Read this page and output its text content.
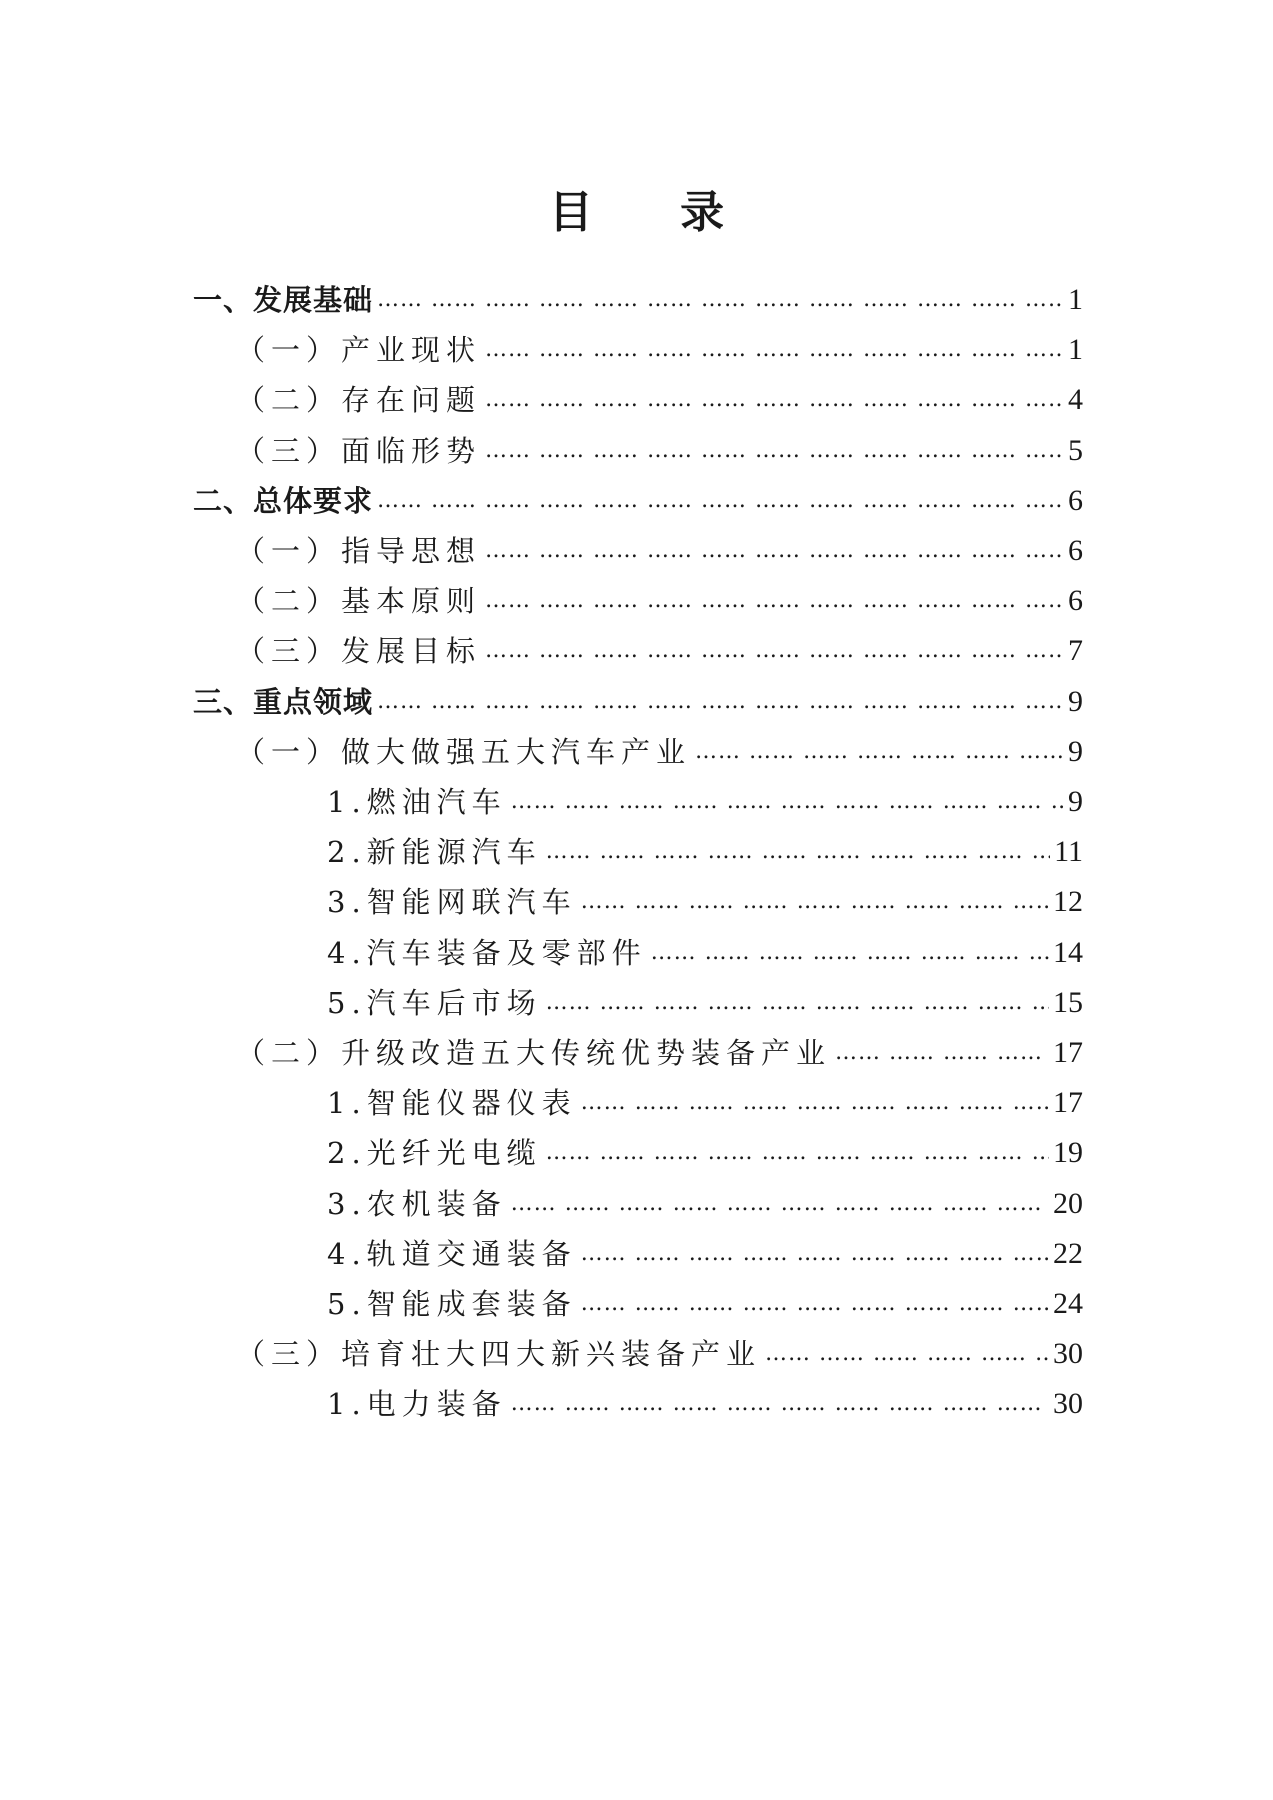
目 录
一、发展基础 …… …… …… …… …… …… …… …… …… …… …… …… …… …… …… …… …… …… …… …… …… …… …… …… …… …… …… …… …… …… …… ……	1
（一）产业现状 …… …… …… …… …… …… …… …… …… …… …… …… …… …… …… …… …… …… …… …… …… …… …… …… …… …… …… …… …… …… …… ……	1
（二）存在问题 …… …… …… …… …… …… …… …… …… …… …… …… …… …… …… …… …… …… …… …… …… …… …… …… …… …… …… …… …… …… …… ……	4
（三）面临形势 …… …… …… …… …… …… …… …… …… …… …… …… …… …… …… …… …… …… …… …… …… …… …… …… …… …… …… …… …… …… …… ……	5
二、总体要求 …… …… …… …… …… …… …… …… …… …… …… …… …… …… …… …… …… …… …… …… …… …… …… …… …… …… …… …… …… …… …… ……	6
（一）指导思想 …… …… …… …… …… …… …… …… …… …… …… …… …… …… …… …… …… …… …… …… …… …… …… …… …… …… …… …… …… …… …… ……	6
（二）基本原则 …… …… …… …… …… …… …… …… …… …… …… …… …… …… …… …… …… …… …… …… …… …… …… …… …… …… …… …… …… …… …… ……	6
（三）发展目标 …… …… …… …… …… …… …… …… …… …… …… …… …… …… …… …… …… …… …… …… …… …… …… …… …… …… …… …… …… …… …… ……	7
三、重点领域 …… …… …… …… …… …… …… …… …… …… …… …… …… …… …… …… …… …… …… …… …… …… …… …… …… …… …… …… …… …… …… ……	9
（一）做大做强五大汽车产业 …… …… …… …… …… …… …… …… …… …… …… …… …… …… …… …… …… …… …… …… …… …… …… …… …… …… …… …… …… …… …… ……	9
1.燃油汽车 …… …… …… …… …… …… …… …… …… …… …… …… …… …… …… …… …… …… …… …… …… …… …… …… …… …… …… …… …… …… …… ……	9
2.新能源汽车 …… …… …… …… …… …… …… …… …… …… …… …… …… …… …… …… …… …… …… …… …… …… …… …… …… …… …… …… …… …… …… ……	11
3.智能网联汽车 …… …… …… …… …… …… …… …… …… …… …… …… …… …… …… …… …… …… …… …… …… …… …… …… …… …… …… …… …… …… …… ……	12
4.汽车装备及零部件 …… …… …… …… …… …… …… …… …… …… …… …… …… …… …… …… …… …… …… …… …… …… …… …… …… …… …… …… …… …… …… ……	14
5.汽车后市场 …… …… …… …… …… …… …… …… …… …… …… …… …… …… …… …… …… …… …… …… …… …… …… …… …… …… …… …… …… …… …… ……	15
（二）升级改造五大传统优势装备产业 …… …… …… …… …… …… …… …… …… …… …… …… …… …… …… …… …… …… …… …… …… …… …… …… …… …… …… …… …… …… …… ……	17
1.智能仪器仪表 …… …… …… …… …… …… …… …… …… …… …… …… …… …… …… …… …… …… …… …… …… …… …… …… …… …… …… …… …… …… …… ……	17
2.光纤光电缆 …… …… …… …… …… …… …… …… …… …… …… …… …… …… …… …… …… …… …… …… …… …… …… …… …… …… …… …… …… …… …… ……	19
3.农机装备 …… …… …… …… …… …… …… …… …… …… …… …… …… …… …… …… …… …… …… …… …… …… …… …… …… …… …… …… …… …… …… ……	20
4.轨道交通装备 …… …… …… …… …… …… …… …… …… …… …… …… …… …… …… …… …… …… …… …… …… …… …… …… …… …… …… …… …… …… …… ……	22
5.智能成套装备 …… …… …… …… …… …… …… …… …… …… …… …… …… …… …… …… …… …… …… …… …… …… …… …… …… …… …… …… …… …… …… ……	24
（三）培育壮大四大新兴装备产业 …… …… …… …… …… …… …… …… …… …… …… …… …… …… …… …… …… …… …… …… …… …… …… …… …… …… …… …… …… …… …… ……	30
1.电力装备 …… …… …… …… …… …… …… …… …… …… …… …… …… …… …… …… …… …… …… …… …… …… …… …… …… …… …… …… …… …… …… ……	30
